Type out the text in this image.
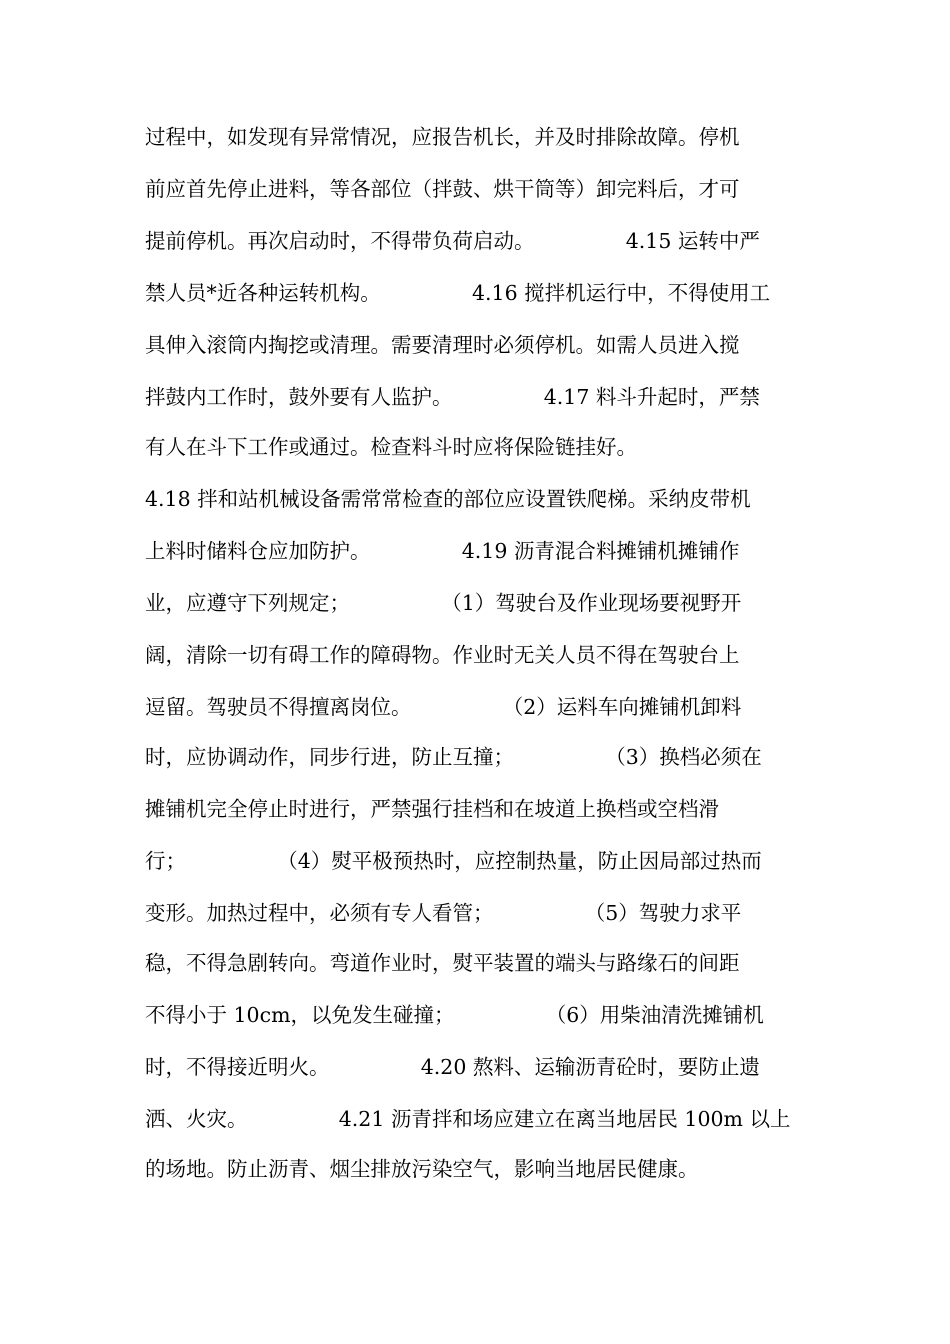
过程中，如发现有异常情况，应报告机长，并及时排除故障。停机
前应首先停止进料，等各部位（拌鼓、烘干筒等）卸完料后，才可
提前停机。再次启动时，不得带负荷启动。              4.15 运转中严
禁人员*近各种运转机构。              4.16 搅拌机运行中，不得使用工
具伸入滚筒内掏挖或清理。需要清理时必须停机。如需人员进入搅
拌鼓内工作时，鼓外要有人监护。              4.17 料斗升起时，严禁
有人在斗下工作或通过。检查料斗时应将保险链挂好。
4.18 拌和站机械设备需常常检查的部位应设置铁爬梯。采纳皮带机
上料时储料仓应加防护。              4.19 沥青混合料摊铺机摊铺作
业，应遵守下列规定；              （1）驾驶台及作业现场要视野开
阔，清除一切有碍工作的障碍物。作业时无关人员不得在驾驶台上
逗留。驾驶员不得擅离岗位。              （2）运料车向摊铺机卸料
时，应协调动作，同步行进，防止互撞；              （3）换档必须在
摊铺机完全停止时进行，严禁强行挂档和在坡道上换档或空档滑
行；              （4）熨平极预热时，应控制热量，防止因局部过热而
变形。加热过程中，必须有专人看管；              （5）驾驶力求平
稳，不得急剧转向。弯道作业时，熨平装置的端头与路缘石的间距
不得小于 10cm，以免发生碰撞；              （6）用柴油清洗摊铺机
时，不得接近明火。              4.20 熬料、运输沥青砼时，要防止遗
洒、火灾。              4.21 沥青拌和场应建立在离当地居民 100m 以上
的场地。防止沥青、烟尘排放污染空气，影响当地居民健康。
